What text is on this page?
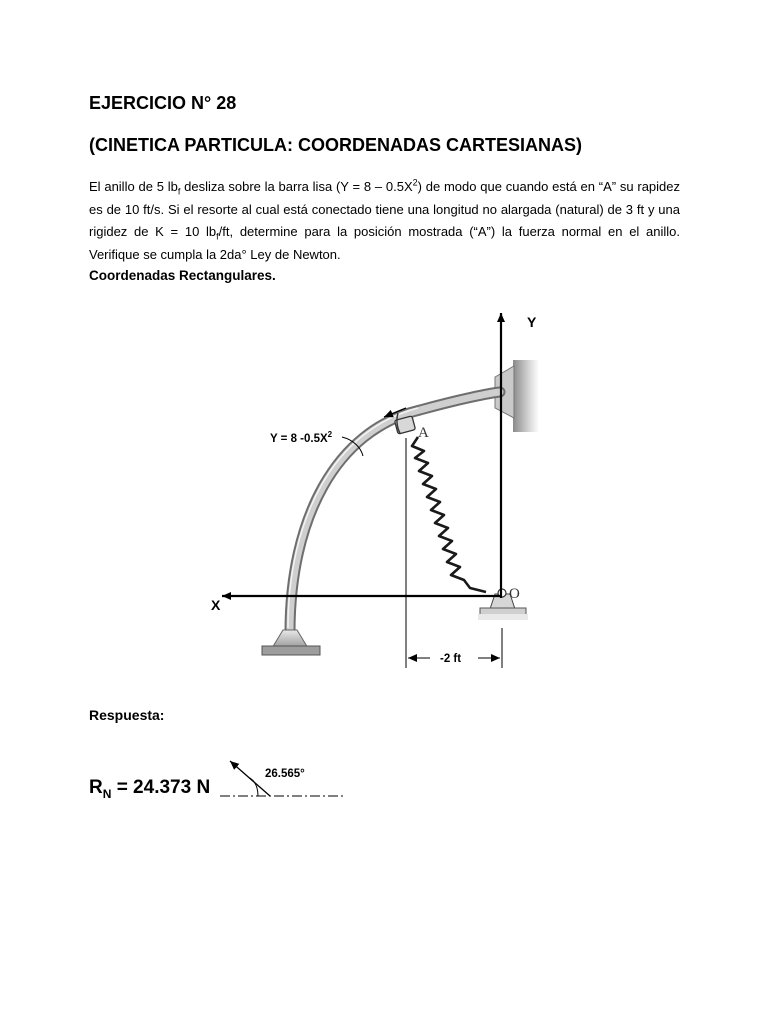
EJERCICIO N° 28
(CINETICA PARTICULA: COORDENADAS CARTESIANAS)

El anillo de 5 $lb_f$ desliza sobre la barra lisa $(Y = 8 - 0.5X^2)$ de modo que cuando está en “A” su rapidez es de 10 ft/s. Si el resorte al cual está conectado tiene una longitud no alargada (natural) de 3 ft y una rigidez de K = 10 $lb_f/ft$, determine para la posición mostrada (“A”) la fuerza normal en el anillo. Verifique se cumpla la 2da° Ley de Newton.

Coordenadas Rectangulares.
Y
X
-2 ft
Y = 8 $-0.5X^2$	A
O
Respuesta:
$R_N = 24.373$ N
26.565°
